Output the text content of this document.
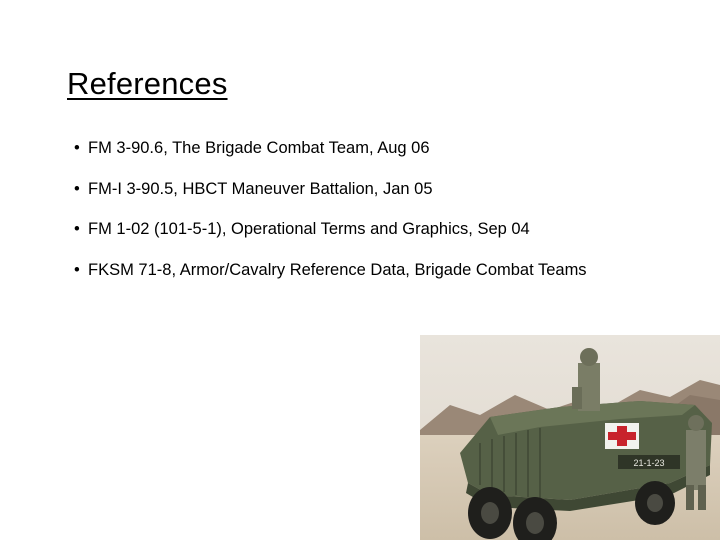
References
• FM 3-90.6, The Brigade Combat Team, Aug 06
• FM-I 3-90.5, HBCT Maneuver Battalion, Jan 05
• FM 1-02 (101-5-1), Operational Terms and Graphics, Sep 04
• FKSM 71-8, Armor/Cavalry Reference Data, Brigade Combat Teams
21-1-23
